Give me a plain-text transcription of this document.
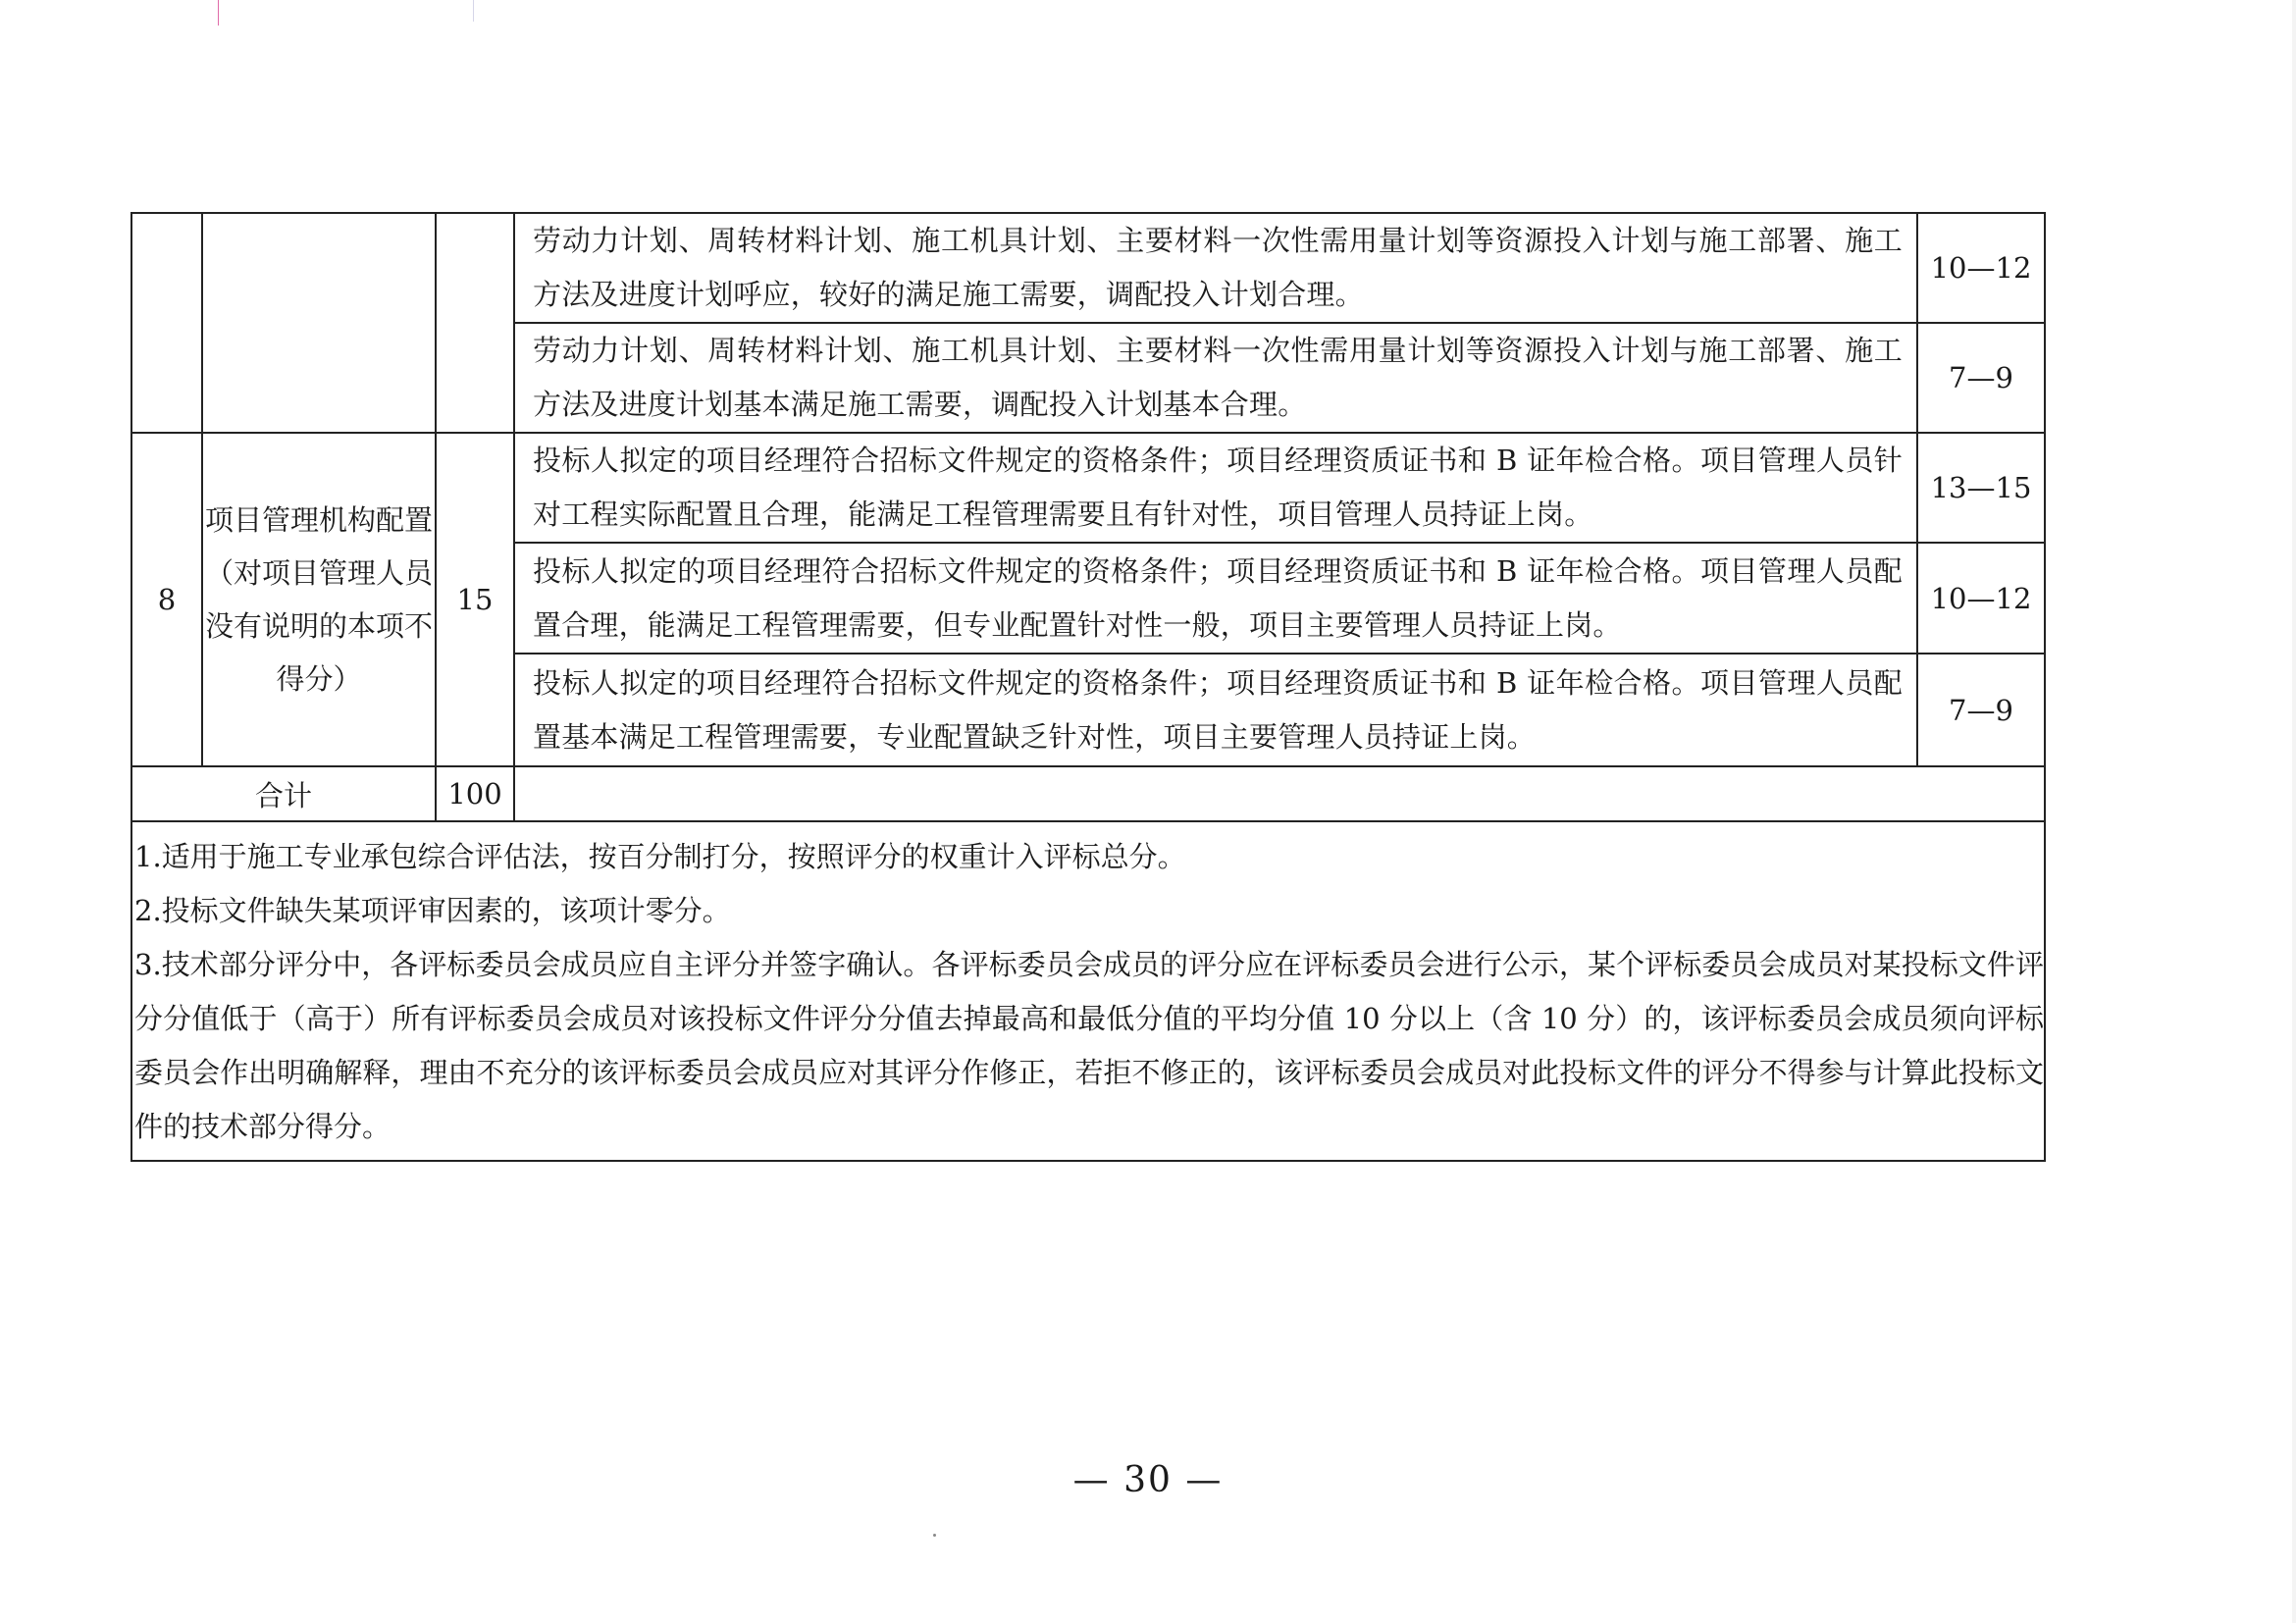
			劳动力计划、周转材料计划、施工机具计划、主要材料一次性需用量计划等资源投入计划与施工部署、施工方法及进度计划呼应，较好的满足施工需要，调配投入计划合理。	10—12
			劳动力计划、周转材料计划、施工机具计划、主要材料一次性需用量计划等资源投入计划与施工部署、施工方法及进度计划基本满足施工需要，调配投入计划基本合理。	7—9
8	项目管理机构配置（对项目管理人员没有说明的本项不得分）	15	投标人拟定的项目经理符合招标文件规定的资格条件；项目经理资质证书和 B 证年检合格。项目管理人员针对工程实际配置且合理，能满足工程管理需要且有针对性，项目管理人员持证上岗。	13—15
			投标人拟定的项目经理符合招标文件规定的资格条件；项目经理资质证书和 B 证年检合格。项目管理人员配置合理，能满足工程管理需要，但专业配置针对性一般，项目主要管理人员持证上岗。	10—12
			投标人拟定的项目经理符合招标文件规定的资格条件；项目经理资质证书和 B 证年检合格。项目管理人员配置基本满足工程管理需要，专业配置缺乏针对性，项目主要管理人员持证上岗。	7—9
合计		100		

1.适用于施工专业承包综合评估法，按百分制打分，按照评分的权重计入评标总分。
2.投标文件缺失某项评审因素的，该项计零分。
3.技术部分评分中，各评标委员会成员应自主评分并签字确认。各评标委员会成员的评分应在评标委员会进行公示，某个评标委员会成员对某投标文件评分分值低于（高于）所有评标委员会成员对该投标文件评分分值去掉最高和最低分值的平均分值 10 分以上（含 10 分）的，该评标委员会成员须向评标委员会作出明确解释，理由不充分的该评标委员会成员应对其评分作修正，若拒不修正的，该评标委员会成员对此投标文件的评分不得参与计算此投标文件的技术部分得分。				
— 30 —
